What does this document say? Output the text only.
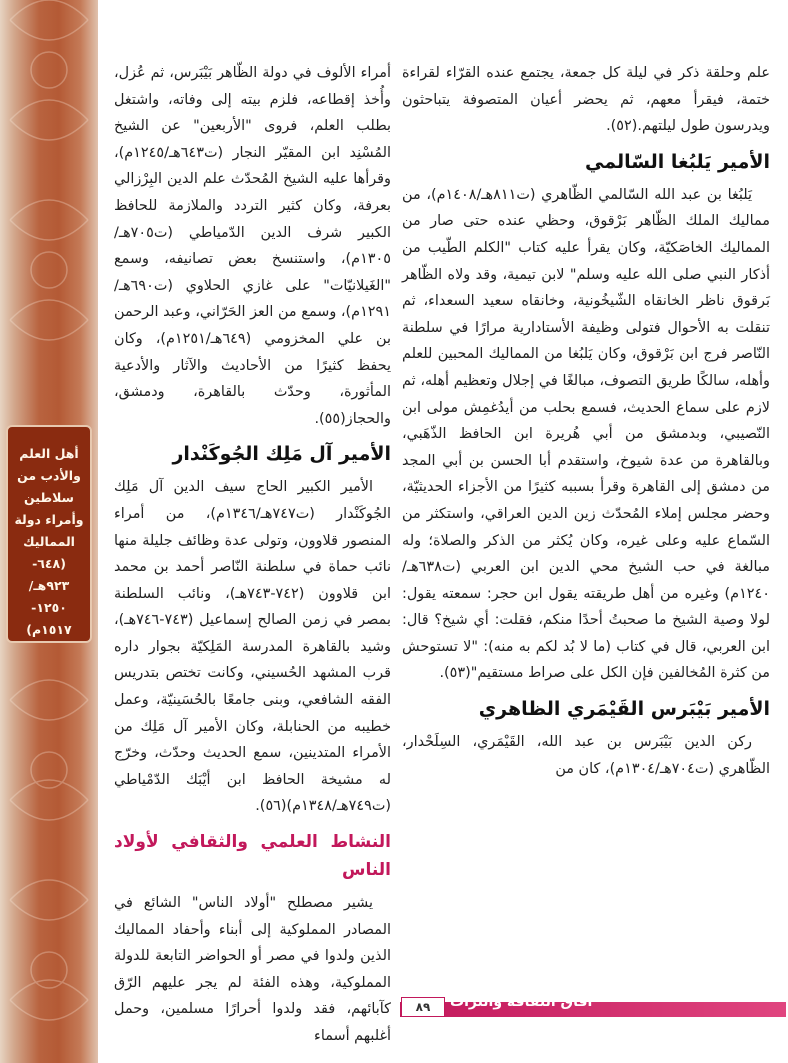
أهل العلم
والأدب من
سلاطين
وأمراء دولة
المماليك
(٦٤٨-
٩٢٣هـ/
١٢٥٠-
١٥١٧م)

علم وحلقة ذكر في ليلة كل جمعة، يجتمع عنده القرّاء لقراءة ختمة، فيقرأ معهم، ثم يحضر أعيان المتصوفة يتباحثون ويدرسون طول ليلتهم.(٥٢).

الأمير يَلبُغا السّالمي

يَلبُغا بن عبد الله السّالمي الظّاهري (ت٨١١هـ/١٤٠٨م)، من مماليك الملك الظّاهر بَرْقوق، وحظي عنده حتى صار من المماليك الخاصَكيّة، وكان يقرأ عليه كتاب "الكلم الطّيب من أذكار النبي صلى الله عليه وسلم" لابن تيمية، وقد ولاه الظّاهر بَرقوق ناظر الخانقاه الشّيخُونية، وخانقاه سعيد السعداء، ثم تنقلت به الأحوال فتولى وظيفة الأستادارية مرارًا في سلطنة النّاصر فرج ابن بَرْقوق، وكان يَلبُغا من المماليك المحبين للعلم وأهله، سالكًا طريق التصوف، مبالغًا في إجلال وتعظيم أهله، ثم لازم على سماع الحديث، فسمع بحلب من أيدُغمِش مولى ابن النّصيبي، وبدمشق من أبي هُريرة ابن الحافظ الذّهَبي، وبالقاهرة من عدة شيوخ، واستقدم أبا الحسن بن أبي المجد من دمشق إلى القاهرة وقرأ بسببه كثيرًا من الأجزاء الحديثيّة، وحضر مجلس إملاء المُحدّث زين الدين العراقي، واستكثر من السّماع عليه وعلى غيره، وكان يُكثر من الذكر والصلاة؛ وله مبالغة في حب الشيخ محي الدين ابن العربي (ت٦٣٨هـ/١٢٤٠م) وغيره من أهل طريقته يقول ابن حجر: سمعته يقول: لولا وصية الشيخ ما صحبتُ أحدًا منكم، فقلت: أي شيخ؟ قال: ابن العربي، قال في كتاب (ما لا بُد لكم به منه): "لا تستوحش من كثرة المُخالفين فإن الكل على صراط مستقيم"(٥٣).

الأمير بَيْبَرس القَيْمَري الظاهري

ركن الدين بَيْبَرس بن عبد الله، القَيْمَري، السِلَحْدار، الظّاهري (ت٧٠٤هـ/١٣٠٤م)، كان من

أمراء الألوف في دولة الظّاهر بَيْبَرس، ثم عُزل، وأُخذ إقطاعه، فلزم بيته إلى وفاته، واشتغل بطلب العلم، فروى "الأربعين" عن الشيخ المُسْنِد ابن المقيّر النجار (ت٦٤٣هـ/١٢٤٥م)، وقرأها عليه الشيخ المُحدّث علم الدين البِرْزالي بعرفة، وكان كثير التردد والملازمة للحافظ الكبير شرف الدين الدّمياطي (ت٧٠٥هـ/١٣٠٥م)، واستنسخ بعض تصانيفه، وسمع "الغَيلانيّات" على غازي الحلاوي (ت٦٩٠هـ/١٢٩١م)، وسمع من العز الحَرّاني، وعبد الرحمن بن علي المخزومي (٦٤٩هـ/١٢٥١م)، وكان يحفظ كثيرًا من الأحاديث والآثار والأدعية المأثورة، وحدّث بالقاهرة، ودمشق، والحجاز(٥٥).

الأمير آل مَلِك الجُوكَنْدار

الأمير الكبير الحاج سيف الدين آل مَلِك الجُوكَنْدار (ت٧٤٧هـ/١٣٤٦م)، من أمراء المنصور قلاوون، وتولى عدة وظائف جليلة منها نائب حماة في سلطنة النّاصر أحمد بن محمد ابن قلاوون (٧٤٢-٧٤٣هـ)، ونائب السلطنة بمصر في زمن الصالح إسماعيل (٧٤٣-٧٤٦هـ)، وشيد بالقاهرة المدرسة المَلِكيّة بجوار داره قرب المشهد الحُسيني، وكانت تختص بتدريس الفقه الشافعي، وبنى جامعًا بالحُسَينيّة، وعمل خطيبه من الحنابلة، وكان الأمير آل مَلِك من الأمراء المتدينين، سمع الحديث وحدّث، وخرّج له مشيخة الحافظ ابن أيْبَك الدّمْياطي (ت٧٤٩هـ/١٣٤٨م)(٥٦).

النشاط العلمي والثقافي لأولاد الناس

يشير مصطلح "أولاد الناس" الشائع في المصادر المملوكية إلى أبناء وأحفاد المماليك الذين ولدوا في مصر أو الحواضر التابعة للدولة المملوكية، وهذه الفئة لم يجر عليهم الرّق كآبائهم، فقد ولدوا أحرارًا مسلمين، وحمل أغلبهم أسماء

آفاق الثقافة والتراث
٨٩
